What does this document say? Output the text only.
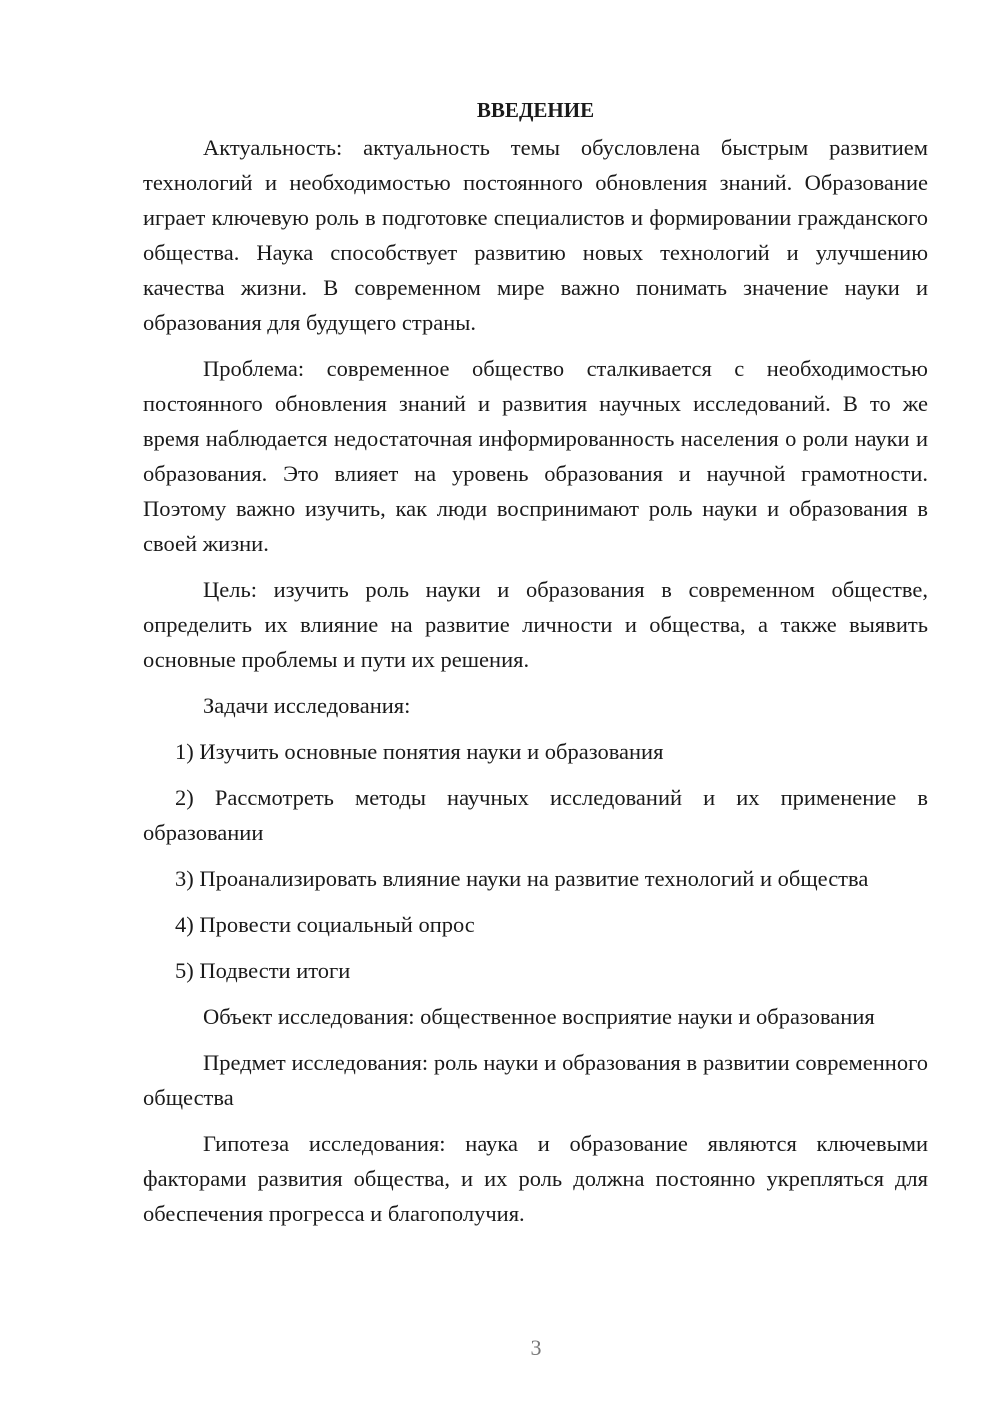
ВВЕДЕНИЕ

Актуальность: актуальность темы обусловлена быстрым развитием технологий и необходимостью постоянного обновления знаний. Образование играет ключевую роль в подготовке специалистов и формировании гражданского общества. Наука способствует развитию новых технологий и улучшению качества жизни. В современном мире важно понимать значение науки и образования для будущего страны.

Проблема: современное общество сталкивается с необходимостью постоянного обновления знаний и развития научных исследований. В то же время наблюдается недостаточная информированность населения о роли науки и образования. Это влияет на уровень образования и научной грамотности. Поэтому важно изучить, как люди воспринимают роль науки и образования в своей жизни.

Цель: изучить роль науки и образования в современном обществе, определить их влияние на развитие личности и общества, а также выявить основные проблемы и пути их решения.

Задачи исследования:

1) Изучить основные понятия науки и образования

2) Рассмотреть методы научных исследований и их применение в образовании

3) Проанализировать влияние науки на развитие технологий и общества

4) Провести социальный опрос

5) Подвести итоги

Объект исследования: общественное восприятие науки и образования

Предмет исследования: роль науки и образования в развитии современного общества

Гипотеза исследования: наука и образование являются ключевыми факторами развития общества, и их роль должна постоянно укрепляться для обеспечения прогресса и благополучия.

3
